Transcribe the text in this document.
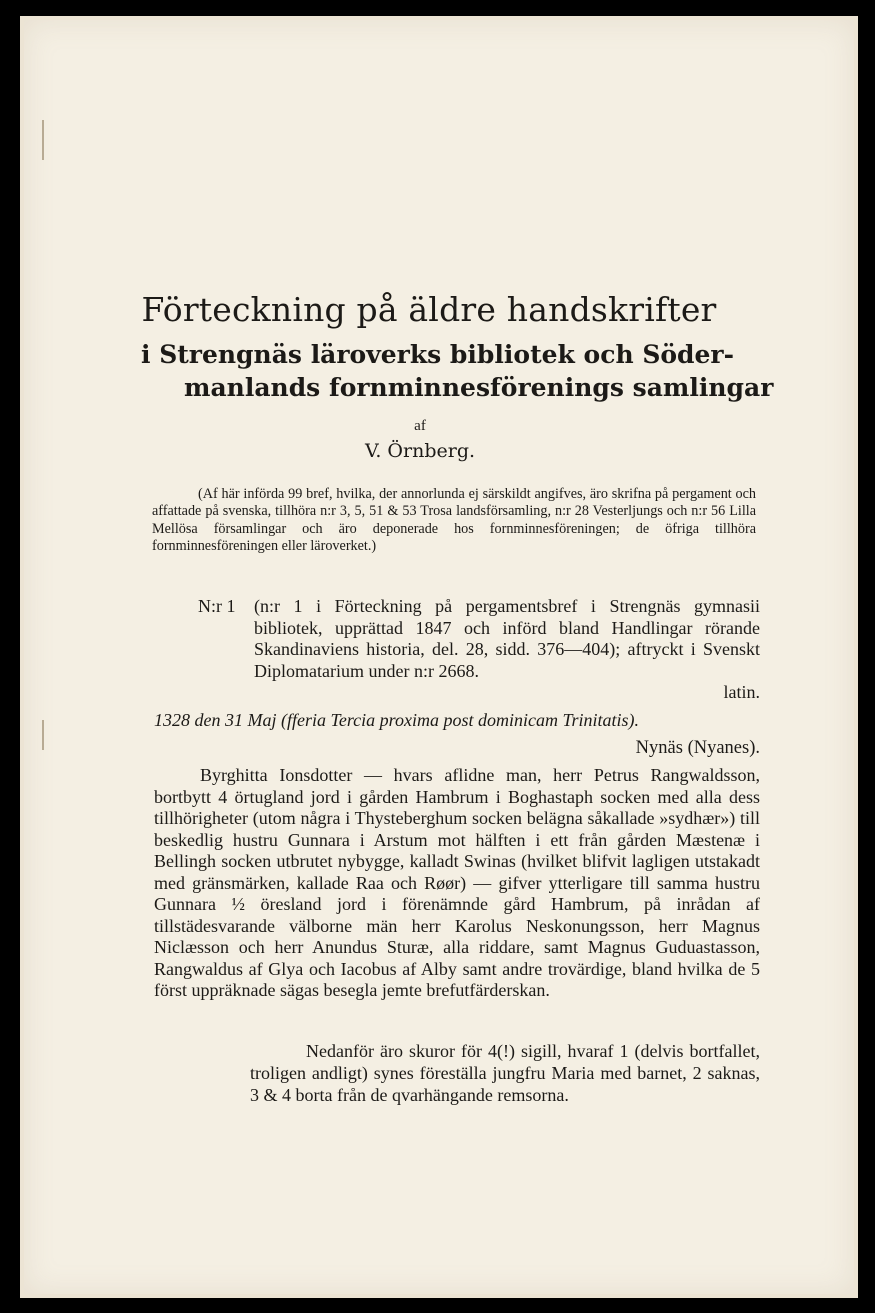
Förteckning på äldre handskrifter
i Strengnäs läroverks bibliotek och Söder-
manlands fornminnesförenings samlingar
af
V. Örnberg.
(Af här införda 99 bref, hvilka, der annorlunda ej särskildt angifves, äro skrifna på pergament och affattade på svenska, tillhöra n:r 3, 5, 51 & 53 Trosa landsförsamling, n:r 28 Vesterljungs och n:r 56 Lilla Mellösa församlingar och äro deponerade hos fornminnesföreningen; de öfriga tillhöra fornminnesföreningen eller läroverket.)
N:r 1 (n:r 1 i Förteckning på pergamentsbref i Strengnäs gymnasii bibliotek, upprättad 1847 och införd bland Handlingar rörande Skandinaviens historia, del. 28, sidd. 376—404); aftryckt i Svenskt Diplomatarium under n:r 2668.
latin.
1328 den 31 Maj (fferia Tercia proxima post dominicam Trinitatis).
Nynäs (Nyanes).
Byrghitta Ionsdotter — hvars aflidne man, herr Petrus Rangwaldsson, bortbytt 4 örtugland jord i gården Hambrum i Boghastaph socken med alla dess tillhörigheter (utom några i Thysteberghum socken belägna såkallade »sydhær») till beskedlig hustru Gunnara i Arstum mot hälften i ett från gården Mæstenæ i Bellingh socken utbrutet nybygge, kalladt Swinas (hvilket blifvit lagligen utstakadt med gränsmärken, kallade Raa och Røør) — gifver ytterligare till samma hustru Gunnara ½ öresland jord i förenämnde gård Hambrum, på inrådan af tillstädesvarande välborne män herr Karolus Neskonungsson, herr Magnus Niclæsson och herr Anundus Sturæ, alla riddare, samt Magnus Guduastasson, Rangwaldus af Glya och Iacobus af Alby samt andre trovärdige, bland hvilka de 5 först uppräknade sägas besegla jemte brefutfärderskan.
Nedanför äro skuror för 4(!) sigill, hvaraf 1 (delvis bortfallet, troligen andligt) synes föreställa jungfru Maria med barnet, 2 saknas, 3 & 4 borta från de qvarhängande remsorna.
